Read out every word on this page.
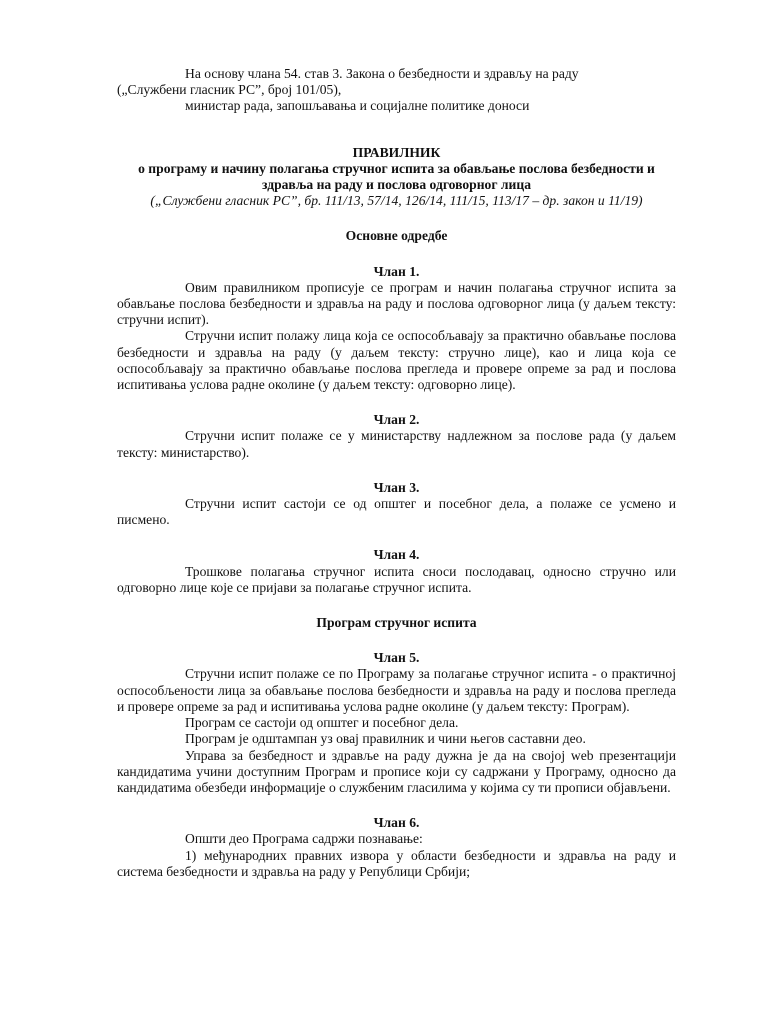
На основу члана 54. став 3. Закона о безбедности и здрављу на раду

(„Службени гласник РС”, број 101/05),

министар рада, запошљавања и социјалне политике доноси

ПРАВИЛНИК

о програму и начину полагања стручног испита за обављање послова безбедности и здравља на раду и послова одговорног лица

(„Службени гласник РС”, бр. 111/13, 57/14, 126/14, 111/15, 113/17 – др. закон и 11/19)

Основне одредбе

Члан 1.

Овим правилником прописује се програм и начин полагања стручног испита за обављање послова безбедности и здравља на раду и послова одговорног лица (у даљем тексту: стручни испит).

Стручни испит полажу лица која се оспособљавају за практично обављање послова безбедности и здравља на раду (у даљем тексту: стручно лице), као и лица која се оспособљавају за практично обављање послова прегледа и провере опреме за рад и послова испитивања услова радне околине (у даљем тексту: одговорно лице).

Члан 2.

Стручни испит полаже се у министарству надлежном за послове рада (у даљем тексту: министарство).

Члан 3.

Стручни испит састоји се од општег и посебног дела, а полаже се усмено и писмено.

Члан 4.

Трошкове полагања стручног испита сноси послодавац, односно стручно или одговорно лице које се пријави за полагање стручног испита.

Програм стручног испита

Члан 5.

Стручни испит полаже се по Програму за полагање стручног испита - о практичној оспособљености лица за обављање послова безбедности и здравља на раду и послова прегледа и провере опреме за рад и испитивања услова радне околине (у даљем тексту: Програм).

Програм се састоји од општег и посебног дела.

Програм је одштампан уз овај правилник и чини његов саставни део.

Управа за безбедност и здравље на раду дужна је да на својој web презентацији кандидатима учини доступним Програм и прописе који су садржани у Програму, односно да кандидатима обезбеди информације о службеним гласилима у којима су ти прописи објављени.

Члан 6.

Општи део Програма садржи познавање:

1) међународних правних извора у области безбедности и здравља на раду и система безбедности и здравља на раду у Републици Србији;
